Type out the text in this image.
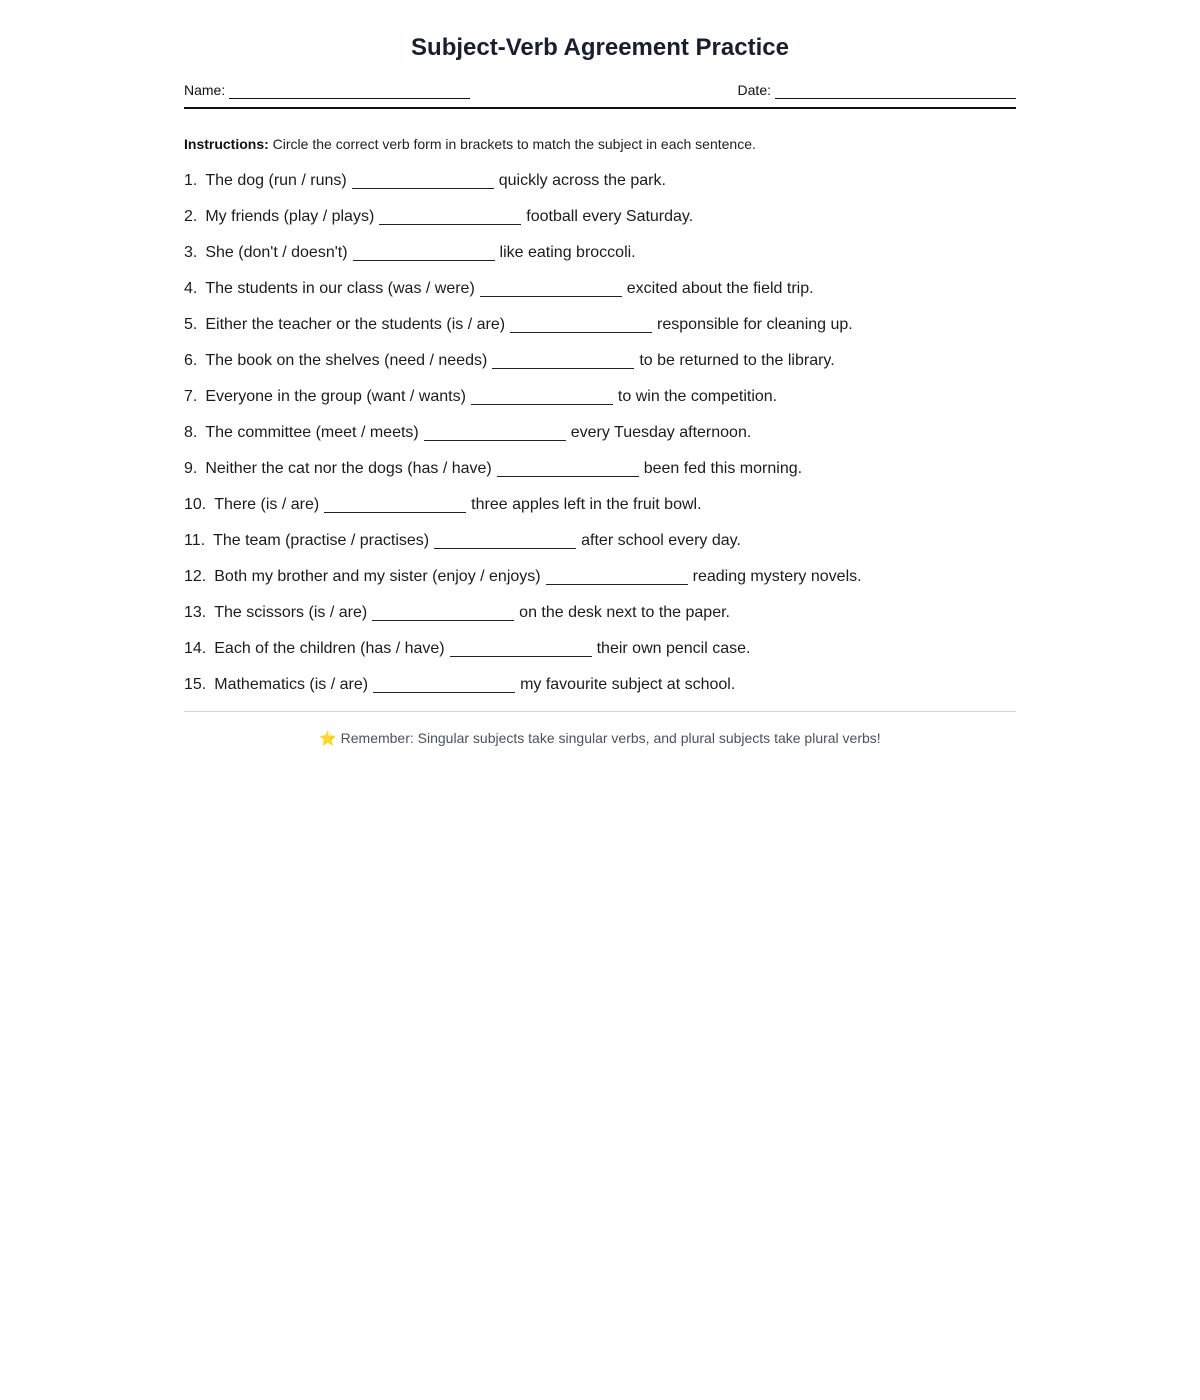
Subject-Verb Agreement Practice
Name:	Date:
Instructions: Circle the correct verb form in brackets to match the subject in each sentence.
1. The dog (run / runs)	quickly across the park.
2. My friends (play / plays)	football every Saturday.
3. She (don't / doesn't)	like eating broccoli.
4. The students in our class (was / were)	excited about the field trip.
5. Either the teacher or the students (is / are)	responsible for cleaning up.
6. The book on the shelves (need / needs)	to be returned to the library.
7. Everyone in the group (want / wants)	to win the competition.
8. The committee (meet / meets)	every Tuesday afternoon.
9. Neither the cat nor the dogs (has / have)	been fed this morning.
10. There (is / are)	three apples left in the fruit bowl.
11. The team (practise / practises)	after school every day.
12. Both my brother and my sister (enjoy / enjoys)	reading mystery novels.
13. The scissors (is / are)	on the desk next to the paper.
14. Each of the children (has / have)	their own pencil case.
15. Mathematics (is / are)	my favourite subject at school.
⭐ Remember: Singular subjects take singular verbs, and plural subjects take plural verbs!
